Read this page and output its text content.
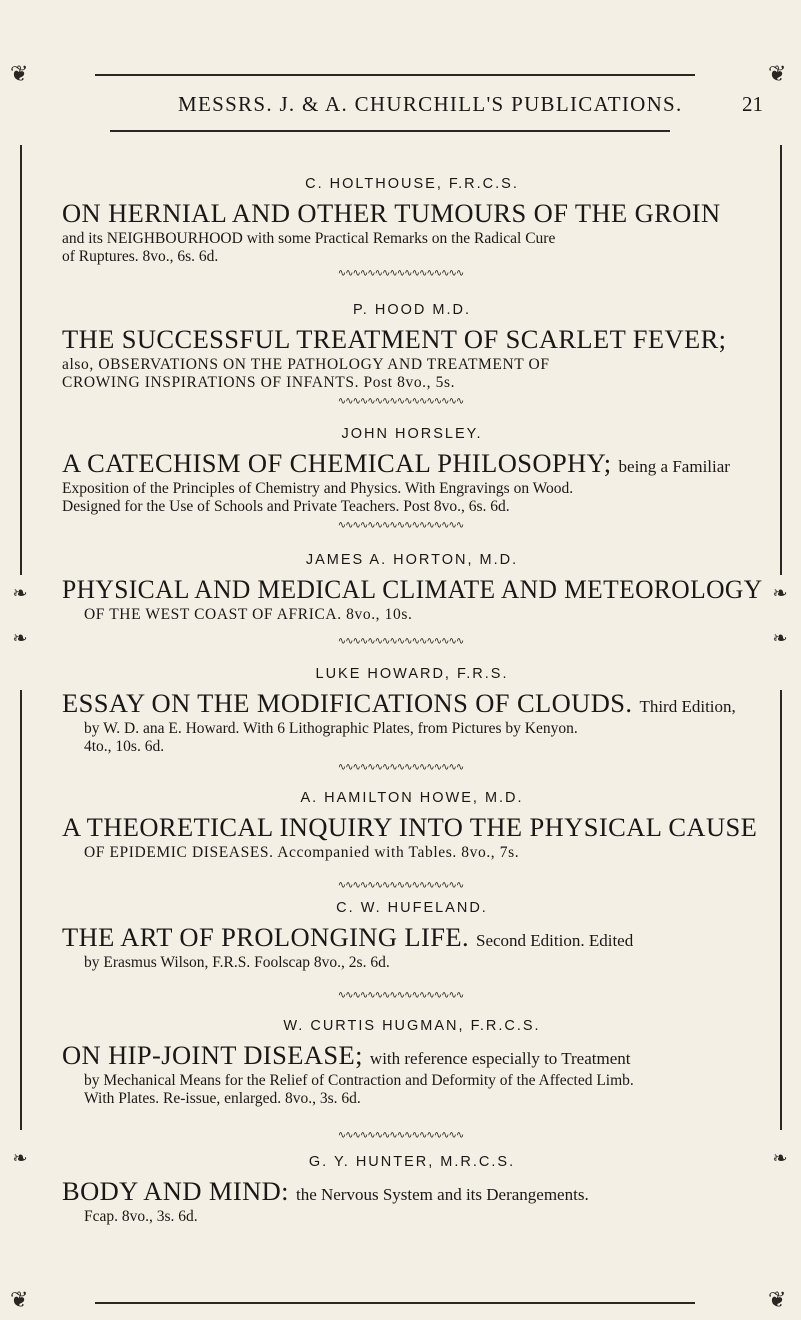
❦	❦
❦	❦
❧
❧
❧
❧
❧	❧
MESSRS. J. & A. CHURCHILL'S PUBLICATIONS.	21

C. HOLTHOUSE, F.R.C.S.

ON HERNIAL AND OTHER TUMOURS OF THE GROIN

and its NEIGHBOURHOOD with some Practical Remarks on the Radical Cure

of Ruptures. 8vo., 6s. 6d.

∿∿∿∿∿∿∿∿∿∿∿∿∿∿∿∿∿

P. HOOD M.D.

THE SUCCESSFUL TREATMENT OF SCARLET FEVER;

also, OBSERVATIONS ON THE PATHOLOGY AND TREATMENT OF

CROWING INSPIRATIONS OF INFANTS. Post 8vo., 5s.

∿∿∿∿∿∿∿∿∿∿∿∿∿∿∿∿∿

JOHN HORSLEY.

A CATECHISM OF CHEMICAL PHILOSOPHY; being a Familiar

Exposition of the Principles of Chemistry and Physics. With Engravings on Wood.

Designed for the Use of Schools and Private Teachers. Post 8vo., 6s. 6d.

∿∿∿∿∿∿∿∿∿∿∿∿∿∿∿∿∿

JAMES A. HORTON, M.D.

PHYSICAL AND MEDICAL CLIMATE AND METEOROLOGY

OF THE WEST COAST OF AFRICA. 8vo., 10s.

∿∿∿∿∿∿∿∿∿∿∿∿∿∿∿∿∿

LUKE HOWARD, F.R.S.

ESSAY ON THE MODIFICATIONS OF CLOUDS. Third Edition,

by W. D. ana E. Howard. With 6 Lithographic Plates, from Pictures by Kenyon.

4to., 10s. 6d.

∿∿∿∿∿∿∿∿∿∿∿∿∿∿∿∿∿

A. HAMILTON HOWE, M.D.

A THEORETICAL INQUIRY INTO THE PHYSICAL CAUSE

OF EPIDEMIC DISEASES. Accompanied with Tables. 8vo., 7s.

∿∿∿∿∿∿∿∿∿∿∿∿∿∿∿∿∿

C. W. HUFELAND.

THE ART OF PROLONGING LIFE. Second Edition. Edited

by Erasmus Wilson, F.R.S. Foolscap 8vo., 2s. 6d.

∿∿∿∿∿∿∿∿∿∿∿∿∿∿∿∿∿

W. CURTIS HUGMAN, F.R.C.S.

ON HIP-JOINT DISEASE; with reference especially to Treatment

by Mechanical Means for the Relief of Contraction and Deformity of the Affected Limb.

With Plates. Re-issue, enlarged. 8vo., 3s. 6d.

∿∿∿∿∿∿∿∿∿∿∿∿∿∿∿∿∿

G. Y. HUNTER, M.R.C.S.

BODY AND MIND: the Nervous System and its Derangements.

Fcap. 8vo., 3s. 6d.
